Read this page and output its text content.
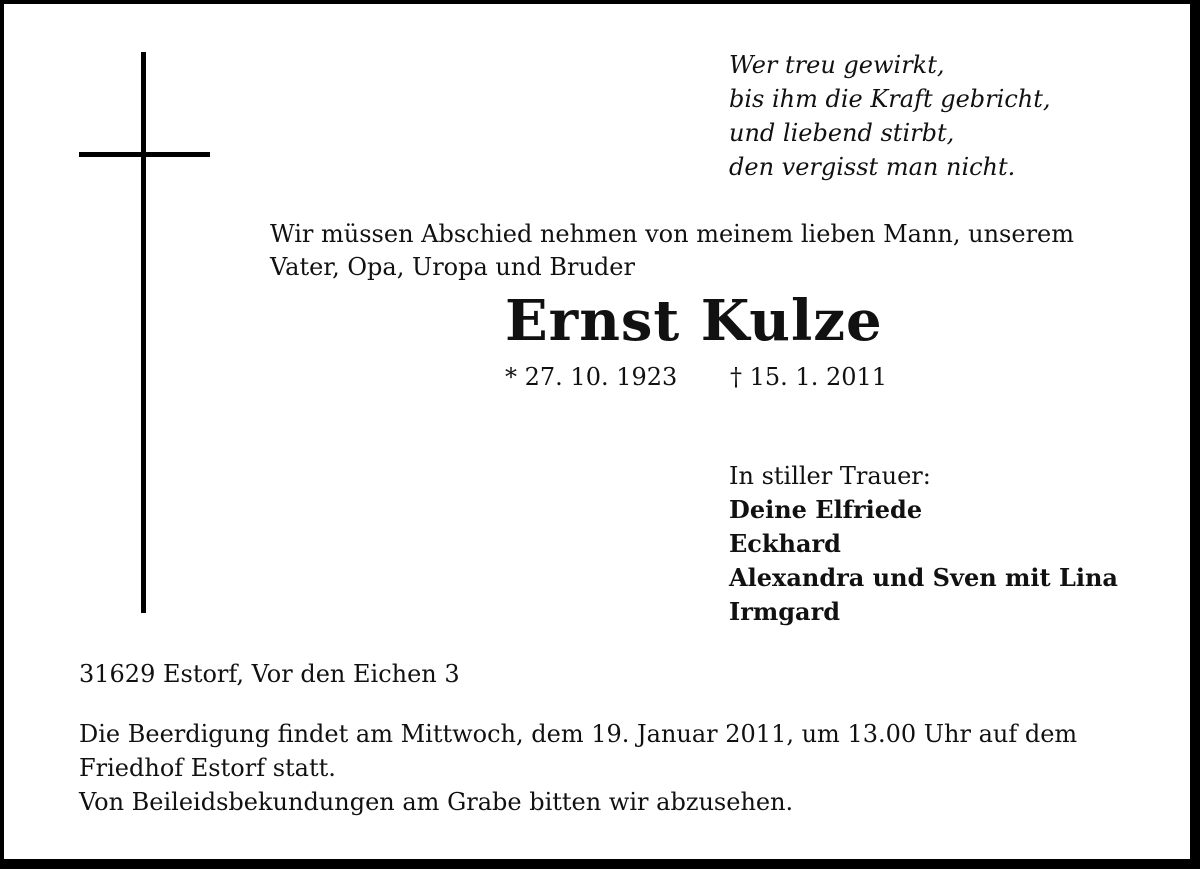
Wer treu gewirkt,
bis ihm die Kraft gebricht,
und liebend stirbt,
den vergisst man nicht.
Wir müssen Abschied nehmen von meinem lieben Mann, unserem Vater, Opa, Uropa und Bruder
Ernst Kulze
* 27. 10. 1923 † 15. 1. 2011
In stiller Trauer:
Deine Elfriede
Eckhard
Alexandra und Sven mit Lina
Irmgard
31629 Estorf, Vor den Eichen 3
Die Beerdigung findet am Mittwoch, dem 19. Januar 2011, um 13.00 Uhr auf dem Friedhof Estorf statt.
Von Beileidsbekundungen am Grabe bitten wir abzusehen.
